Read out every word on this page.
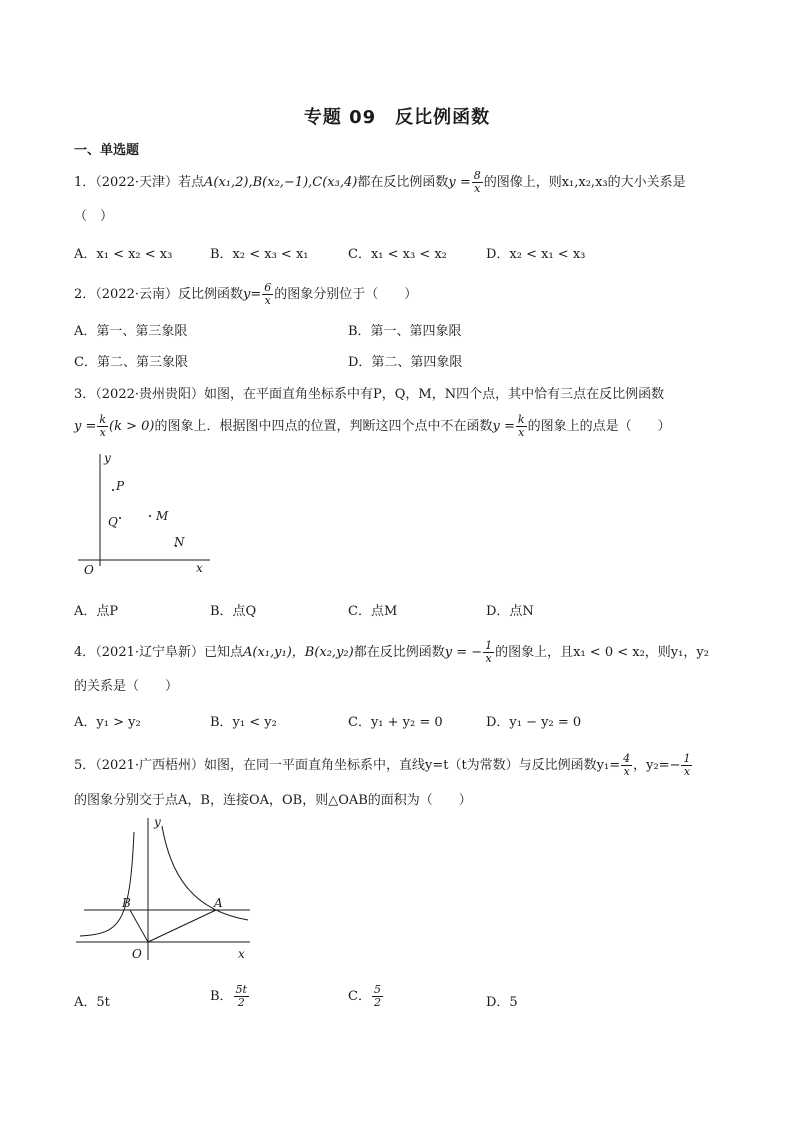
专题 09　反比例函数
一、单选题
1．（2022·天津）若点A(x₁,2),B(x₂,−1),C(x₃,4)都在反比例函数$y = \frac{8}{x}$ 的图像上，则x₁,x₂,x₃的大小关系是
（　）
A．x₁ < x₂ < x₃	B．x₂ < x₃ < x₁	C．x₁ < x₃ < x₂	D．x₂ < x₁ < x₃
2．（2022·云南）反比例函数$y= \frac{6}{x}$ 的图象分别位于（　　）
A．第一、第三象限	B．第一、第四象限
C．第二、第三象限	D．第二、第四象限
3．（2022·贵州贵阳）如图，在平面直角坐标系中有P，Q，M，N四个点，其中恰有三点在反比例函数
$y = \frac{k}{x} (k > 0)$的图象上．根据图中四点的位置，判断这四个点中不在函数$y = \frac{k}{x}$ 的图象上的点是（　　）
y
x
O
P
Q	M
N
A．点P	B．点Q	C．点M	D．点N
4．（2021·辽宁阜新）已知点A(x₁,y₁)，B(x₂,y₂)都在反比例函数y = − $\frac{1}{x}$ 的图象上，且x₁ < 0 < x₂，则y₁，y₂
的关系是（　　）
A．y₁ > y₂	B．y₁ < y₂	C．y₁ + y₂ = 0	D．y₁ − y₂ = 0
5．（2021·广西梧州）如图，在同一平面直角坐标系中，直线y=t（t为常数）与反比例函数$y_1= \frac{4}{x}$ ，$y_2=- \frac{1}{x}$
的图象分别交于点A，B，连接OA，OB，则△OAB的面积为（　　）
y
x
O
B	A
A．5t	B． $\frac{5t}{2}$	C． $\frac{5}{2}$	D．5
